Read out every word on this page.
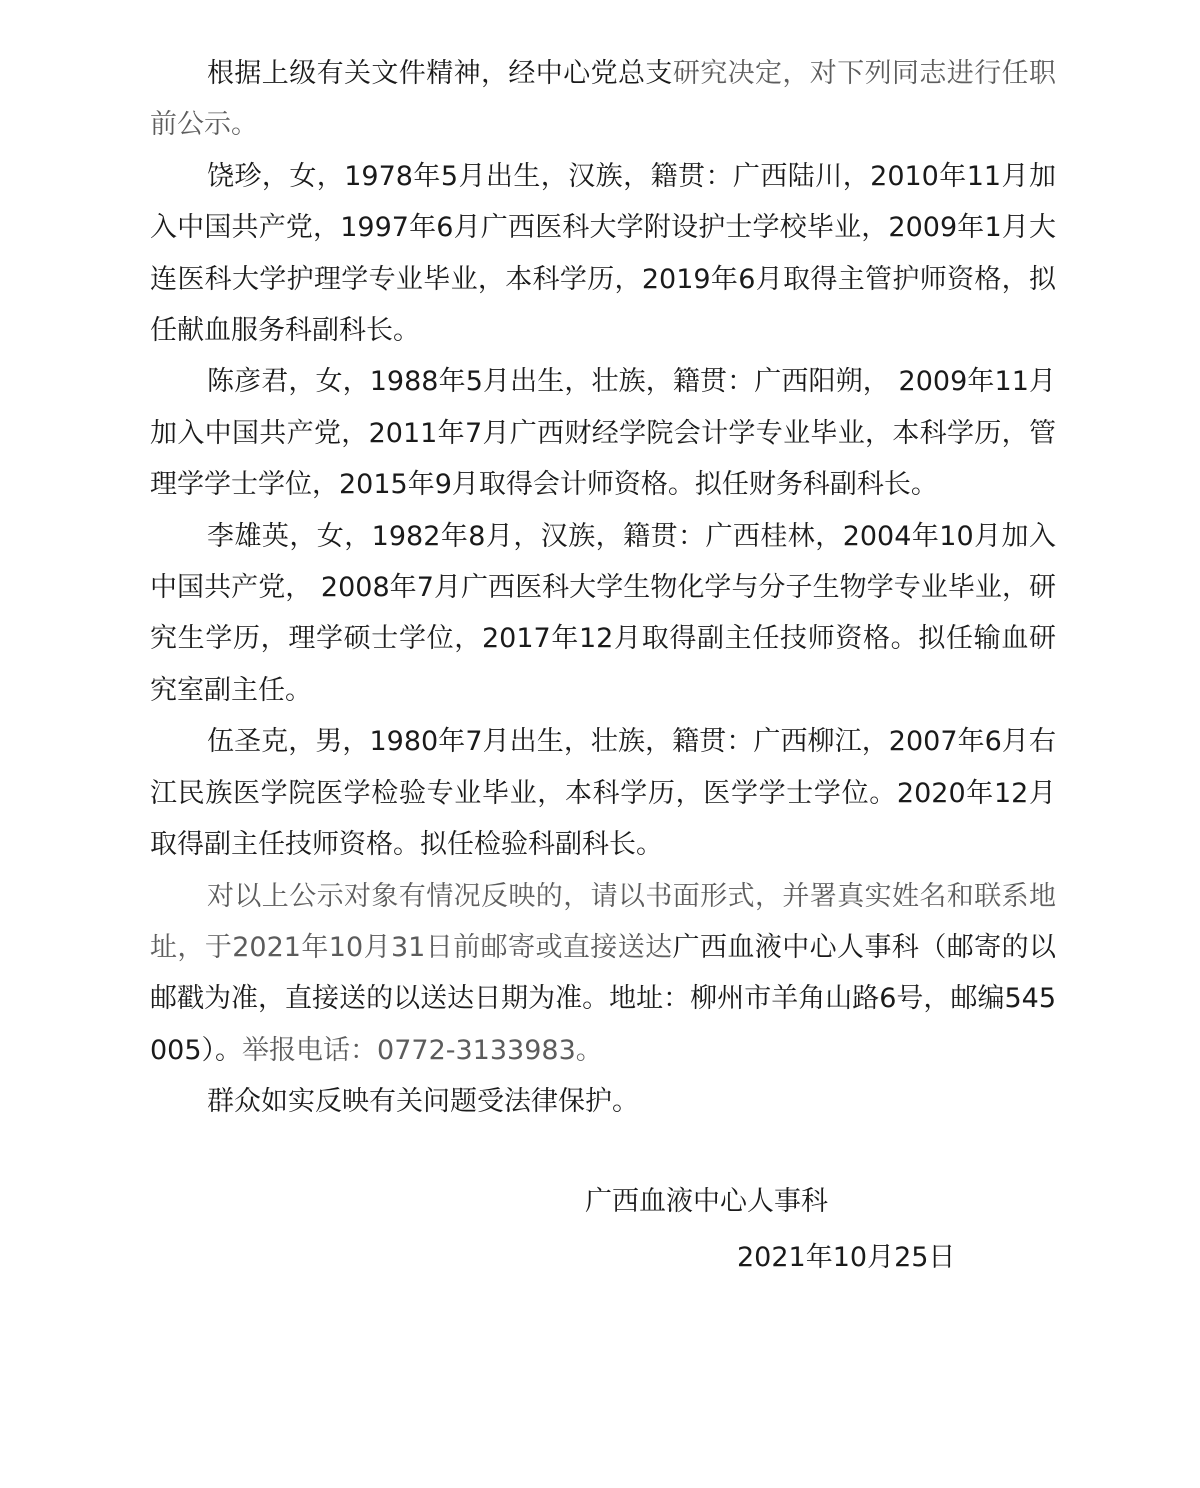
根据上级有关文件精神，经中心党总支研究决定，对下列同志进行任职前公示。

饶珍，女，1978年5月出生，汉族，籍贯：广西陆川，2010年11月加入中国共产党，1997年6月广西医科大学附设护士学校毕业，2009年1月大连医科大学护理学专业毕业，本科学历，2019年6月取得主管护师资格，拟任献血服务科副科长。

陈彦君，女，1988年5月出生，壮族，籍贯：广西阳朔， 2009年11月加入中国共产党，2011年7月广西财经学院会计学专业毕业，本科学历，管理学学士学位，2015年9月取得会计师资格。拟任财务科副科长。

李雄英，女，1982年8月，汉族，籍贯：广西桂林，2004年10月加入中国共产党， 2008年7月广西医科大学生物化学与分子生物学专业毕业，研究生学历，理学硕士学位，2017年12月取得副主任技师资格。拟任输血研究室副主任。

伍圣克，男，1980年7月出生，壮族，籍贯：广西柳江，2007年6月右江民族医学院医学检验专业毕业，本科学历，医学学士学位。2020年12月取得副主任技师资格。拟任检验科副科长。

对以上公示对象有情况反映的，请以书面形式，并署真实姓名和联系地址，于2021年10月31日前邮寄或直接送达广西血液中心人事科（邮寄的以邮戳为准，直接送的以送达日期为准。地址：柳州市羊角山路6号，邮编545005）。举报电话：0772-3133983。

群众如实反映有关问题受法律保护。

广西血液中心人事科
2021年10月25日
